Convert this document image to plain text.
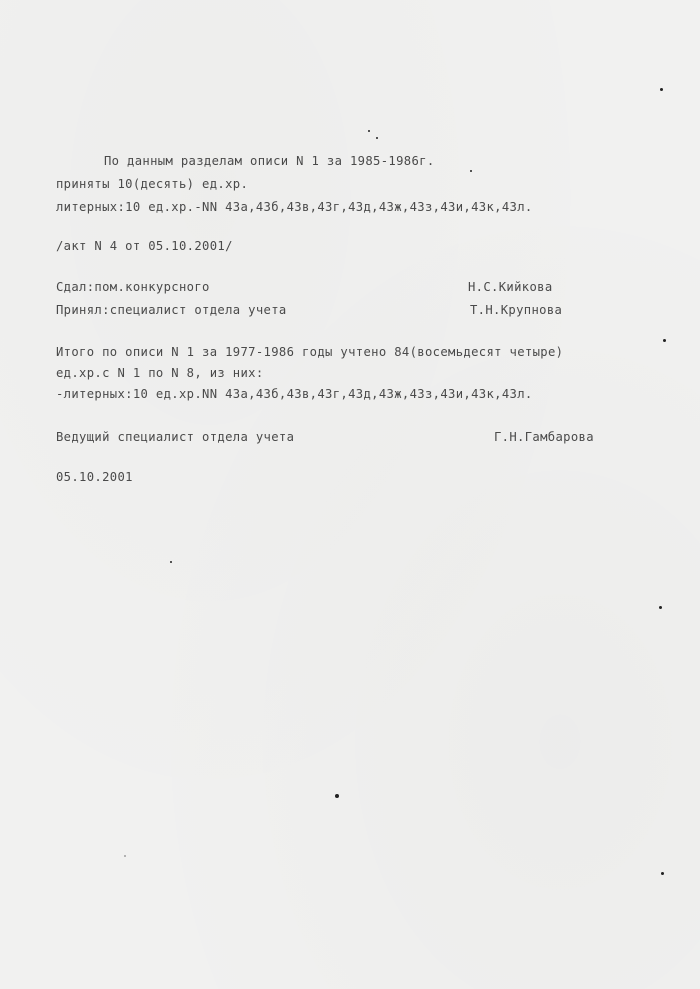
По данным разделам описи N 1 за 1985-1986г.
приняты 10(десять) ед.хр.
литерных:10 ед.хр.-NN 43а,43б,43в,43г,43д,43ж,43з,43и,43к,43л.
/акт N 4 от 05.10.2001/
Сдал:пом.конкурсного	Н.С.Кийкова
Принял:специалист отдела учета	Т.Н.Крупнова
Итого по описи N 1 за 1977-1986 годы учтено 84(восемьдесят четыре)
ед.хр.с N 1 по N 8, из них:
-литерных:10 ед.хр.NN 43а,43б,43в,43г,43д,43ж,43з,43и,43к,43л.
Ведущий специалист отдела учета	Г.Н.Гамбарова
05.10.2001
